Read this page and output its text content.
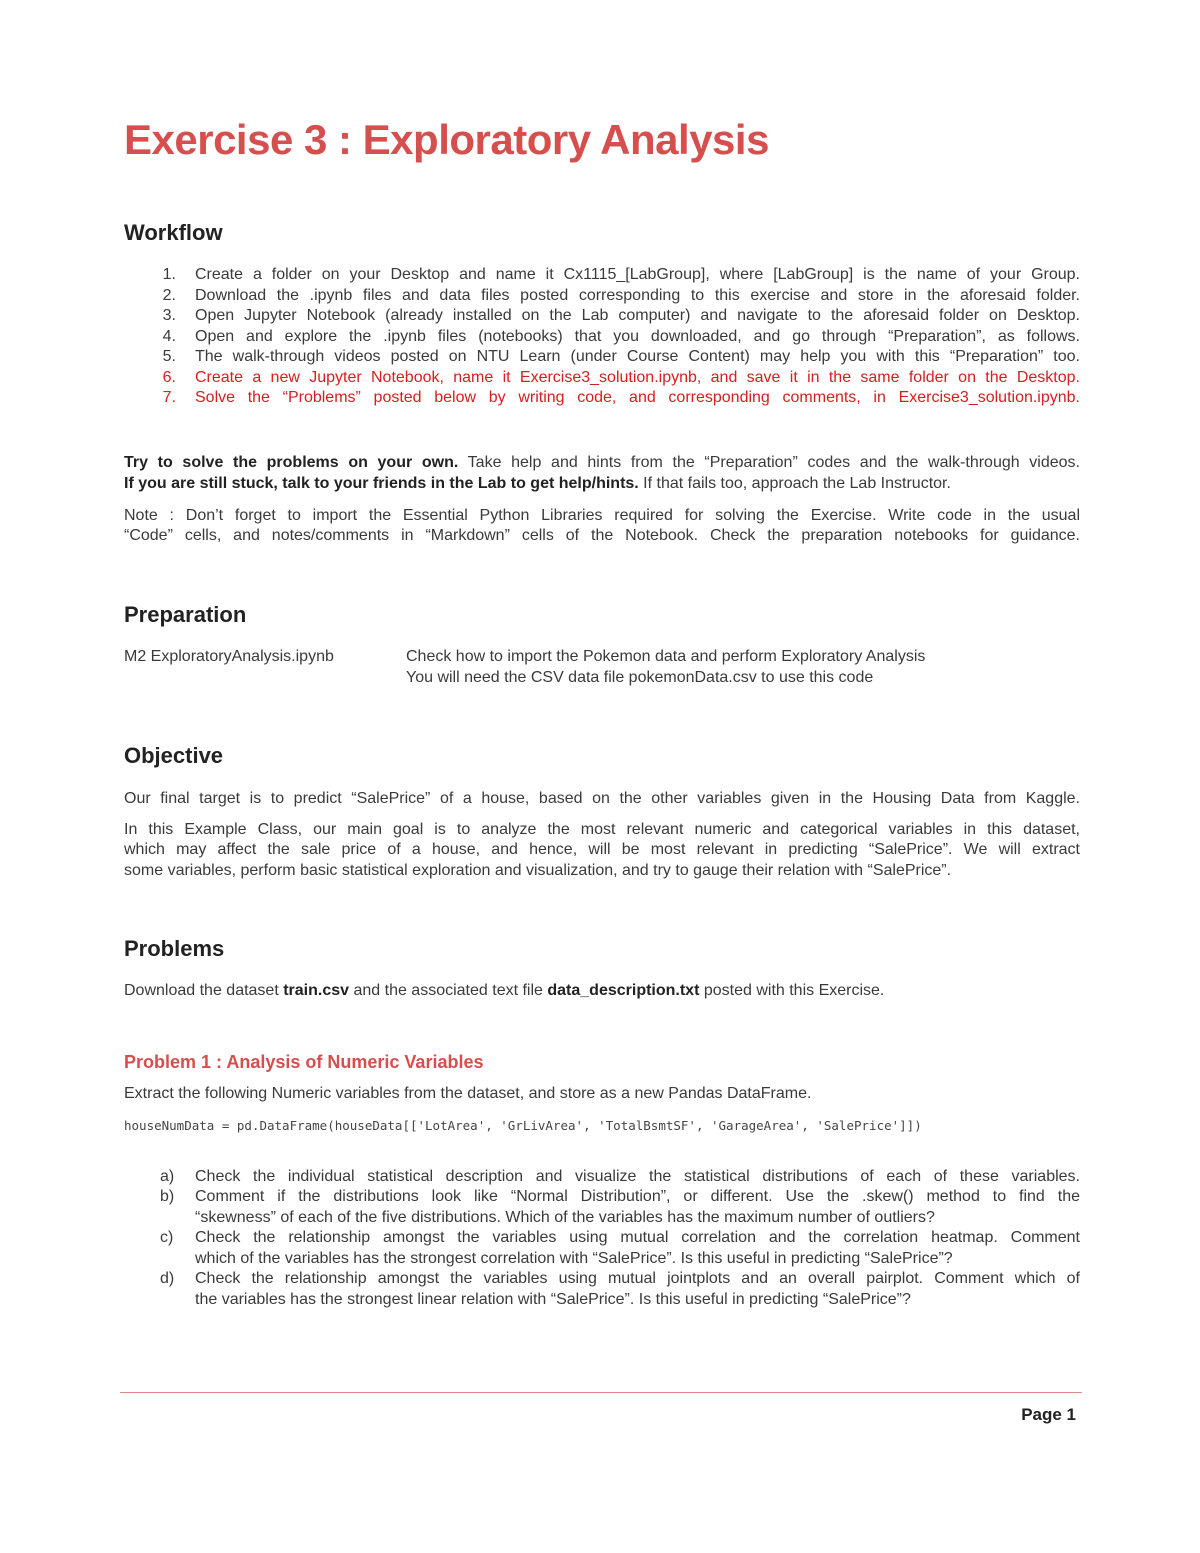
Exercise 3 : Exploratory Analysis
Workflow
1. Create a folder on your Desktop and name it Cx1115_[LabGroup], where [LabGroup] is the name of your Group.
2. Download the .ipynb files and data files posted corresponding to this exercise and store in the aforesaid folder.
3. Open Jupyter Notebook (already installed on the Lab computer) and navigate to the aforesaid folder on Desktop.
4. Open and explore the .ipynb files (notebooks) that you downloaded, and go through “Preparation”, as follows.
5. The walk-through videos posted on NTU Learn (under Course Content) may help you with this “Preparation” too.
6. Create a new Jupyter Notebook, name it Exercise3_solution.ipynb, and save it in the same folder on the Desktop.
7. Solve the “Problems” posted below by writing code, and corresponding comments, in Exercise3_solution.ipynb.
Try to solve the problems on your own. Take help and hints from the “Preparation” codes and the walk-through videos.
If you are still stuck, talk to your friends in the Lab to get help/hints. If that fails too, approach the Lab Instructor.
Note : Don’t forget to import the Essential Python Libraries required for solving the Exercise. Write code in the usual
“Code” cells, and notes/comments in “Markdown” cells of the Notebook. Check the preparation notebooks for guidance.
Preparation
M2 ExploratoryAnalysis.ipynb	Check how to import the Pokemon data and perform Exploratory Analysis
You will need the CSV data file pokemonData.csv to use this code
Objective
Our final target is to predict “SalePrice” of a house, based on the other variables given in the Housing Data from Kaggle.
In this Example Class, our main goal is to analyze the most relevant numeric and categorical variables in this dataset,
which may affect the sale price of a house, and hence, will be most relevant in predicting “SalePrice”. We will extract
some variables, perform basic statistical exploration and visualization, and try to gauge their relation with “SalePrice”.
Problems
Download the dataset train.csv and the associated text file data_description.txt posted with this Exercise.
Problem 1 : Analysis of Numeric Variables
Extract the following Numeric variables from the dataset, and store as a new Pandas DataFrame.
houseNumData = pd.DataFrame(houseData[['LotArea', 'GrLivArea', 'TotalBsmtSF', 'GarageArea', 'SalePrice']])
a) Check the individual statistical description and visualize the statistical distributions of each of these variables.
b) Comment if the distributions look like “Normal Distribution”, or different. Use the .skew() method to find the
“skewness” of each of the five distributions. Which of the variables has the maximum number of outliers?
c) Check the relationship amongst the variables using mutual correlation and the correlation heatmap. Comment
which of the variables has the strongest correlation with “SalePrice”. Is this useful in predicting “SalePrice”?
d) Check the relationship amongst the variables using mutual jointplots and an overall pairplot. Comment which of
the variables has the strongest linear relation with “SalePrice”. Is this useful in predicting “SalePrice”?
Page 1
